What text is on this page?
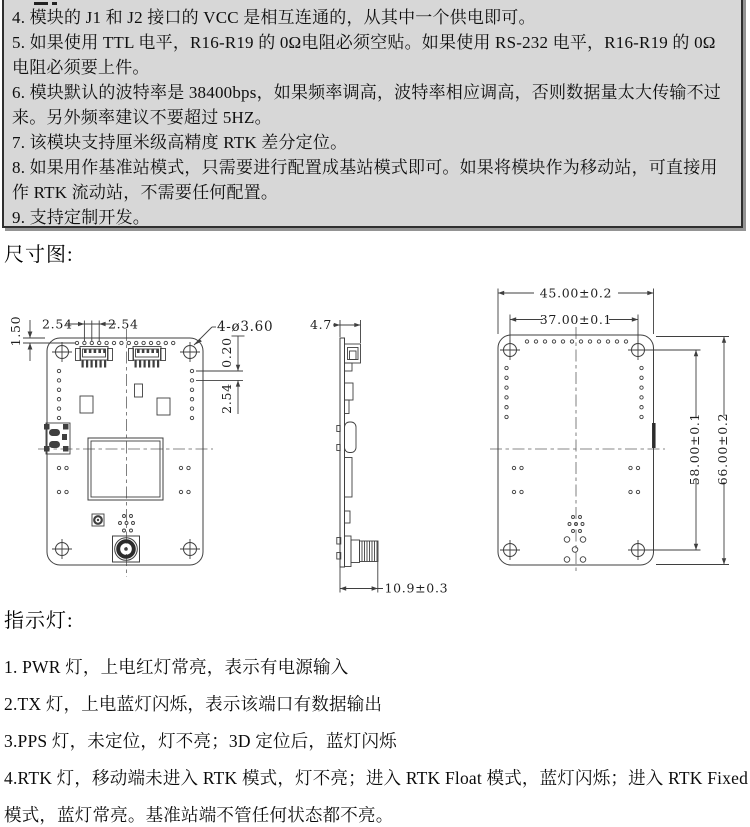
4. 模块的 J1 和 J2 接口的 VCC 是相互连通的，从其中一个供电即可。
5. 如果使用 TTL 电平，R16-R19 的 0Ω电阻必须空贴。如果使用 RS-232 电平，R16-R19 的 0Ω
电阻必须要上件。
6. 模块默认的波特率是 38400bps，如果频率调高，波特率相应调高，否则数据量太大传输不过
来。另外频率建议不要超过 5HZ。
7. 该模块支持厘米级高精度 RTK 差分定位。
8. 如果用作基准站模式，只需要进行配置成基站模式即可。如果将模块作为移动站，可直接用
作 RTK 流动站，不需要任何配置。
9. 支持定制开发。
尺寸图:
1.50 2.54	2.54	4-ø3.60
0.20
2.54
4.7
10.9±0.3
45.00±0.2
37.00±0.1
58.00±0.1 66.00±0.2
指示灯:
1. PWR 灯，上电红灯常亮，表示有电源输入
2.TX 灯，上电蓝灯闪烁，表示该端口有数据输出
3.PPS 灯，未定位，灯不亮；3D 定位后，蓝灯闪烁
4.RTK 灯，移动端未进入 RTK 模式，灯不亮；进入 RTK Float 模式，蓝灯闪烁；进入 RTK Fixed
模式，蓝灯常亮。基准站端不管任何状态都不亮。
